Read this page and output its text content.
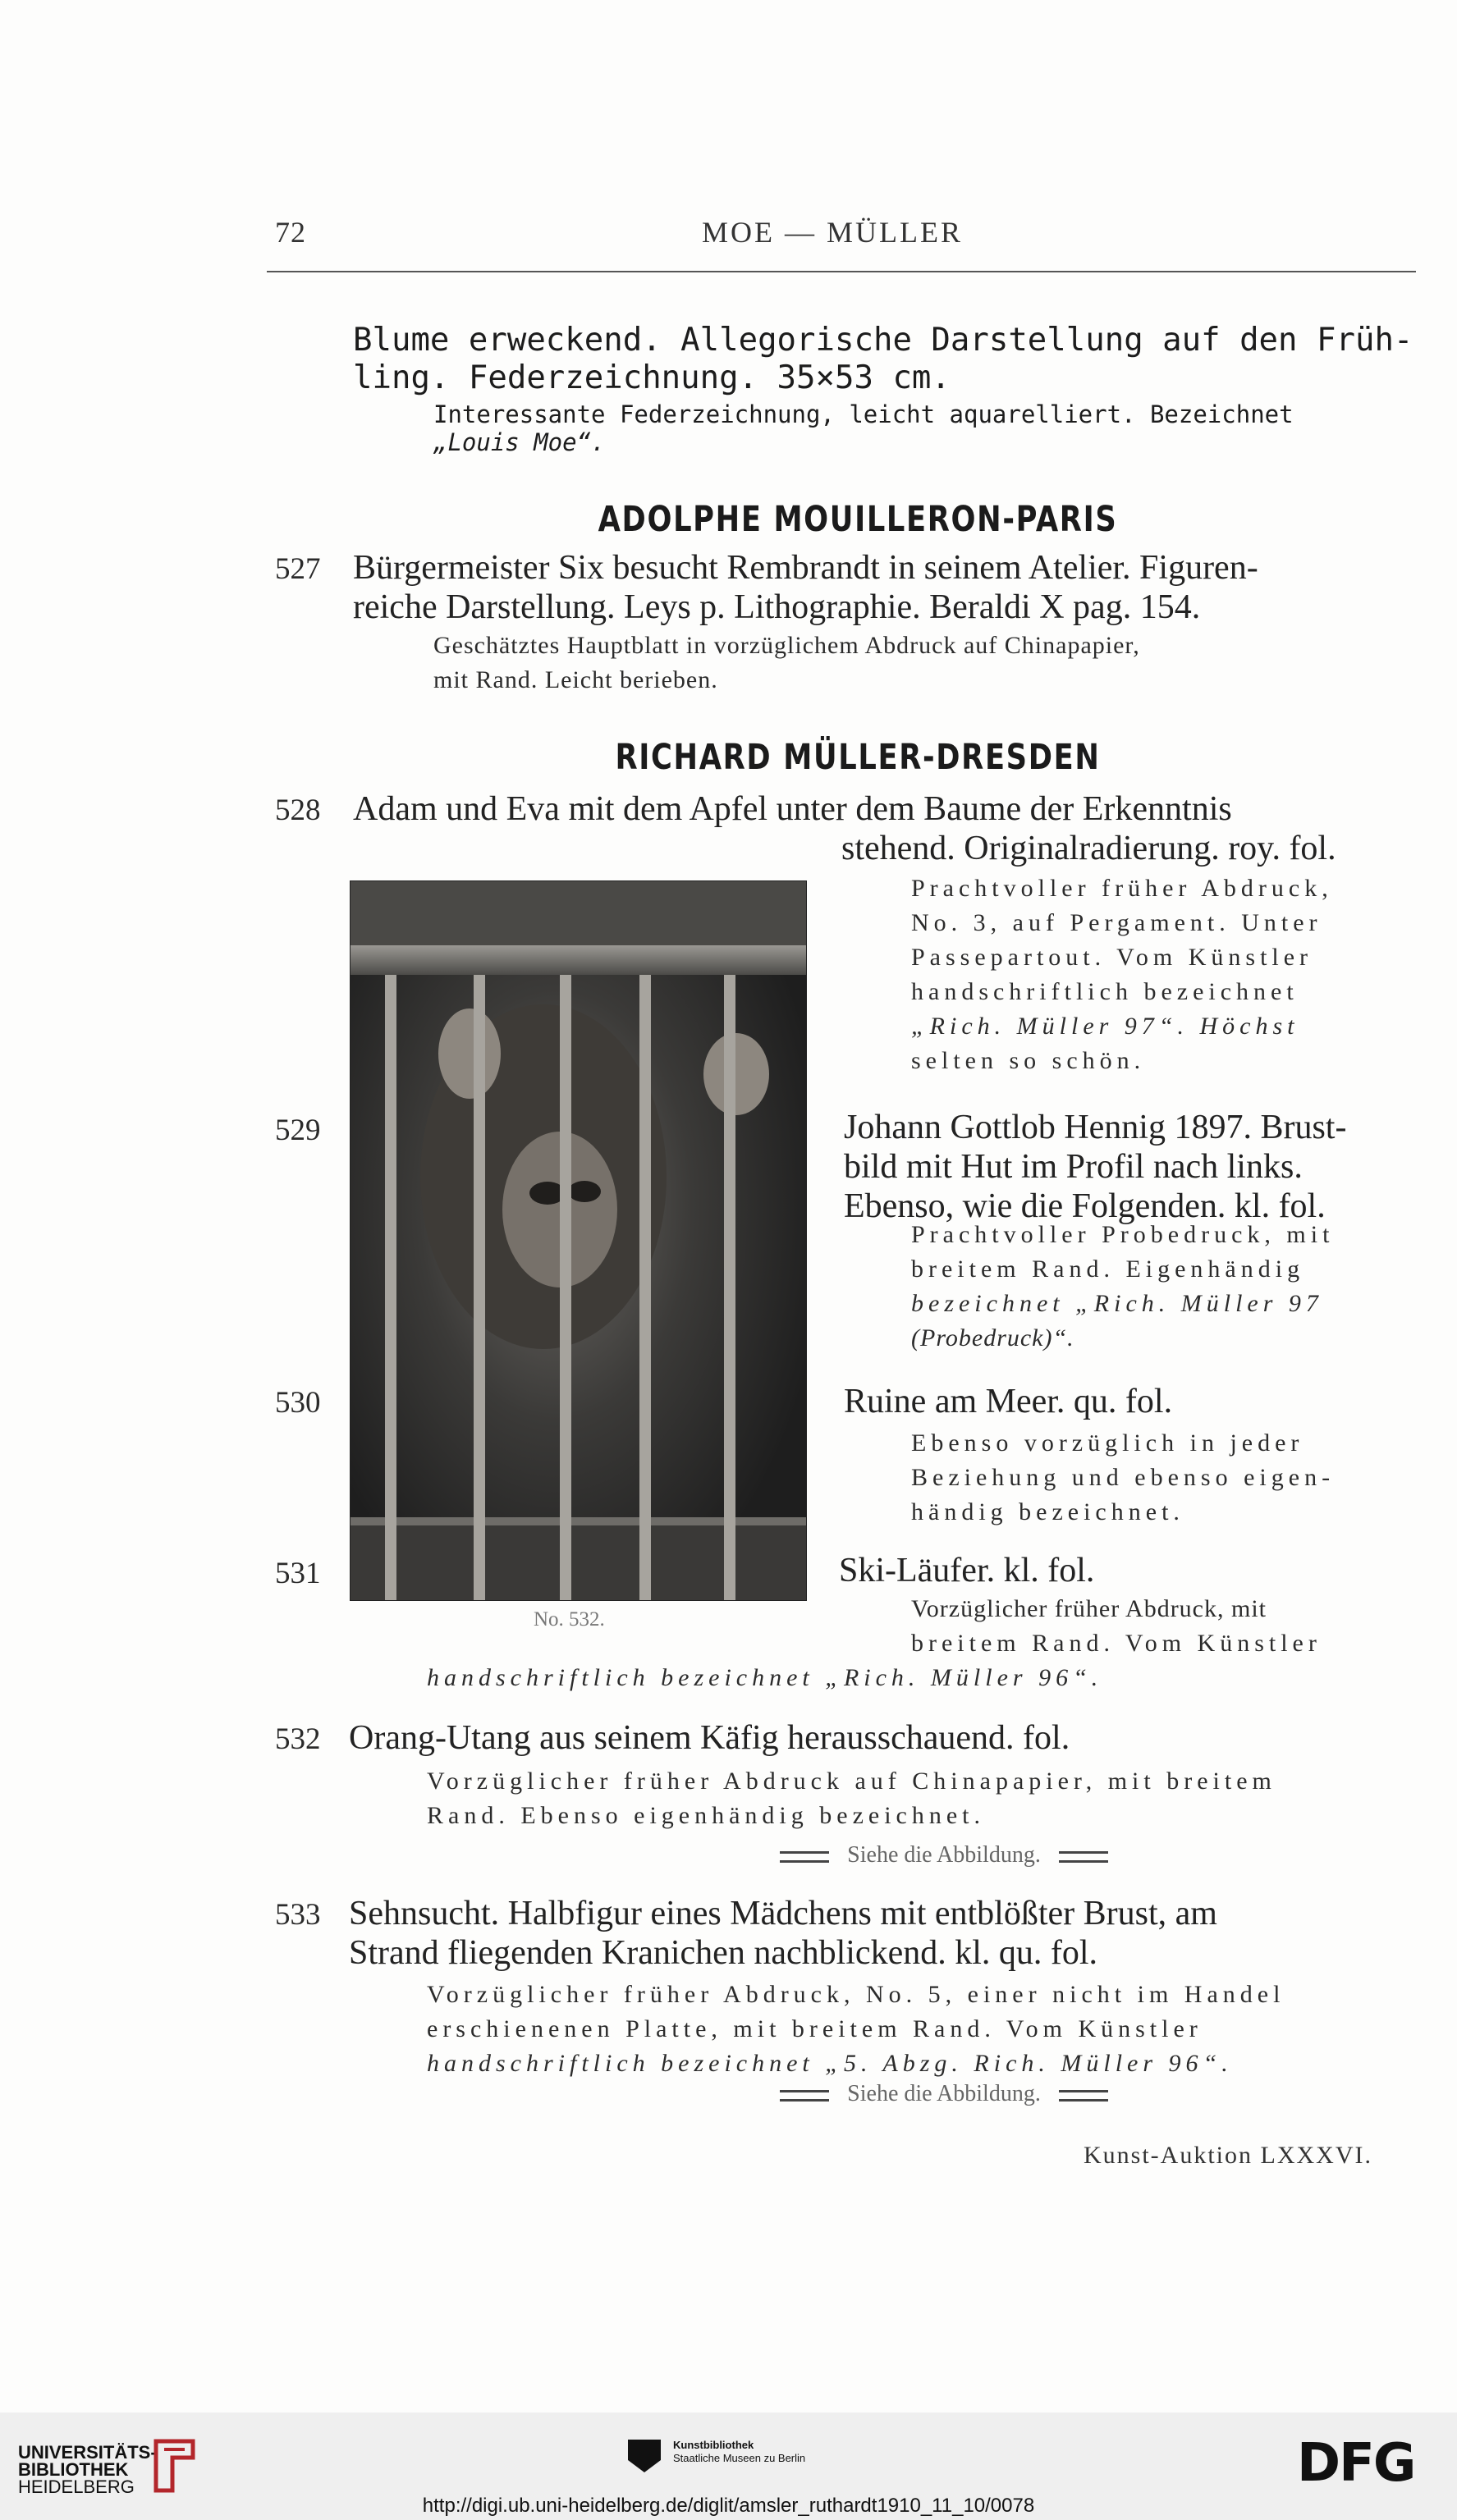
72	MOE — MÜLLER
Blume erweckend. Allegorische Darstellung auf den Früh-
ling. Federzeichnung. 35×53 cm.
Interessante Federzeichnung, leicht aquarelliert. Bezeichnet
„Louis Moe“.
ADOLPHE MOUILLERON-PARIS
527 Bürgermeister Six besucht Rembrandt in seinem Atelier. Figuren-
reiche Darstellung. Leys p. Lithographie. Beraldi X pag. 154.
Geschätztes Hauptblatt in vorzüglichem Abdruck auf Chinapapier,
mit Rand. Leicht berieben.
RICHARD MÜLLER-DRESDEN
528 Adam und Eva mit dem Apfel unter dem Baume der Erkenntnis
stehend. Originalradierung. roy. fol.
Prachtvoller früher Abdruck,
No. 3, auf Pergament. Unter
Passepartout. Vom Künstler
handschriftlich bezeichnet
„Rich. Müller 97“. Höchst
selten so schön.
No. 532.
529	Johann Gottlob Hennig 1897. Brust-
bild mit Hut im Profil nach links.
Ebenso, wie die Folgenden. kl. fol.
Prachtvoller Probedruck, mit
breitem Rand. Eigenhändig
bezeichnet „Rich. Müller 97
(Probedruck)“.
530	Ruine am Meer. qu. fol.
Ebenso vorzüglich in jeder
Beziehung und ebenso eigen-
händig bezeichnet.
531	Ski-Läufer. kl. fol.
Vorzüglicher früher Abdruck, mit
breitem Rand. Vom Künstler
handschriftlich bezeichnet „Rich. Müller 96“.
532 Orang-Utang aus seinem Käfig herausschauend. fol.
Vorzüglicher früher Abdruck auf Chinapapier, mit breitem
Rand. Ebenso eigenhändig bezeichnet.
Siehe die Abbildung.
533 Sehnsucht. Halbfigur eines Mädchens mit entblößter Brust, am
Strand fliegenden Kranichen nachblickend. kl. qu. fol.
Vorzüglicher früher Abdruck, No. 5, einer nicht im Handel
erschienenen Platte, mit breitem Rand. Vom Künstler
handschriftlich bezeichnet „5. Abzg. Rich. Müller 96“.
Siehe die Abbildung.
Kunst-Auktion LXXXVI.
UNIVERSITÄTS-
BIBLIOTHEK
HEIDELBERG
Kunstbibliothek
Staatliche Museen zu Berlin	DFG
http://digi.ub.uni-heidelberg.de/diglit/amsler_ruthardt1910_11_10/0078
